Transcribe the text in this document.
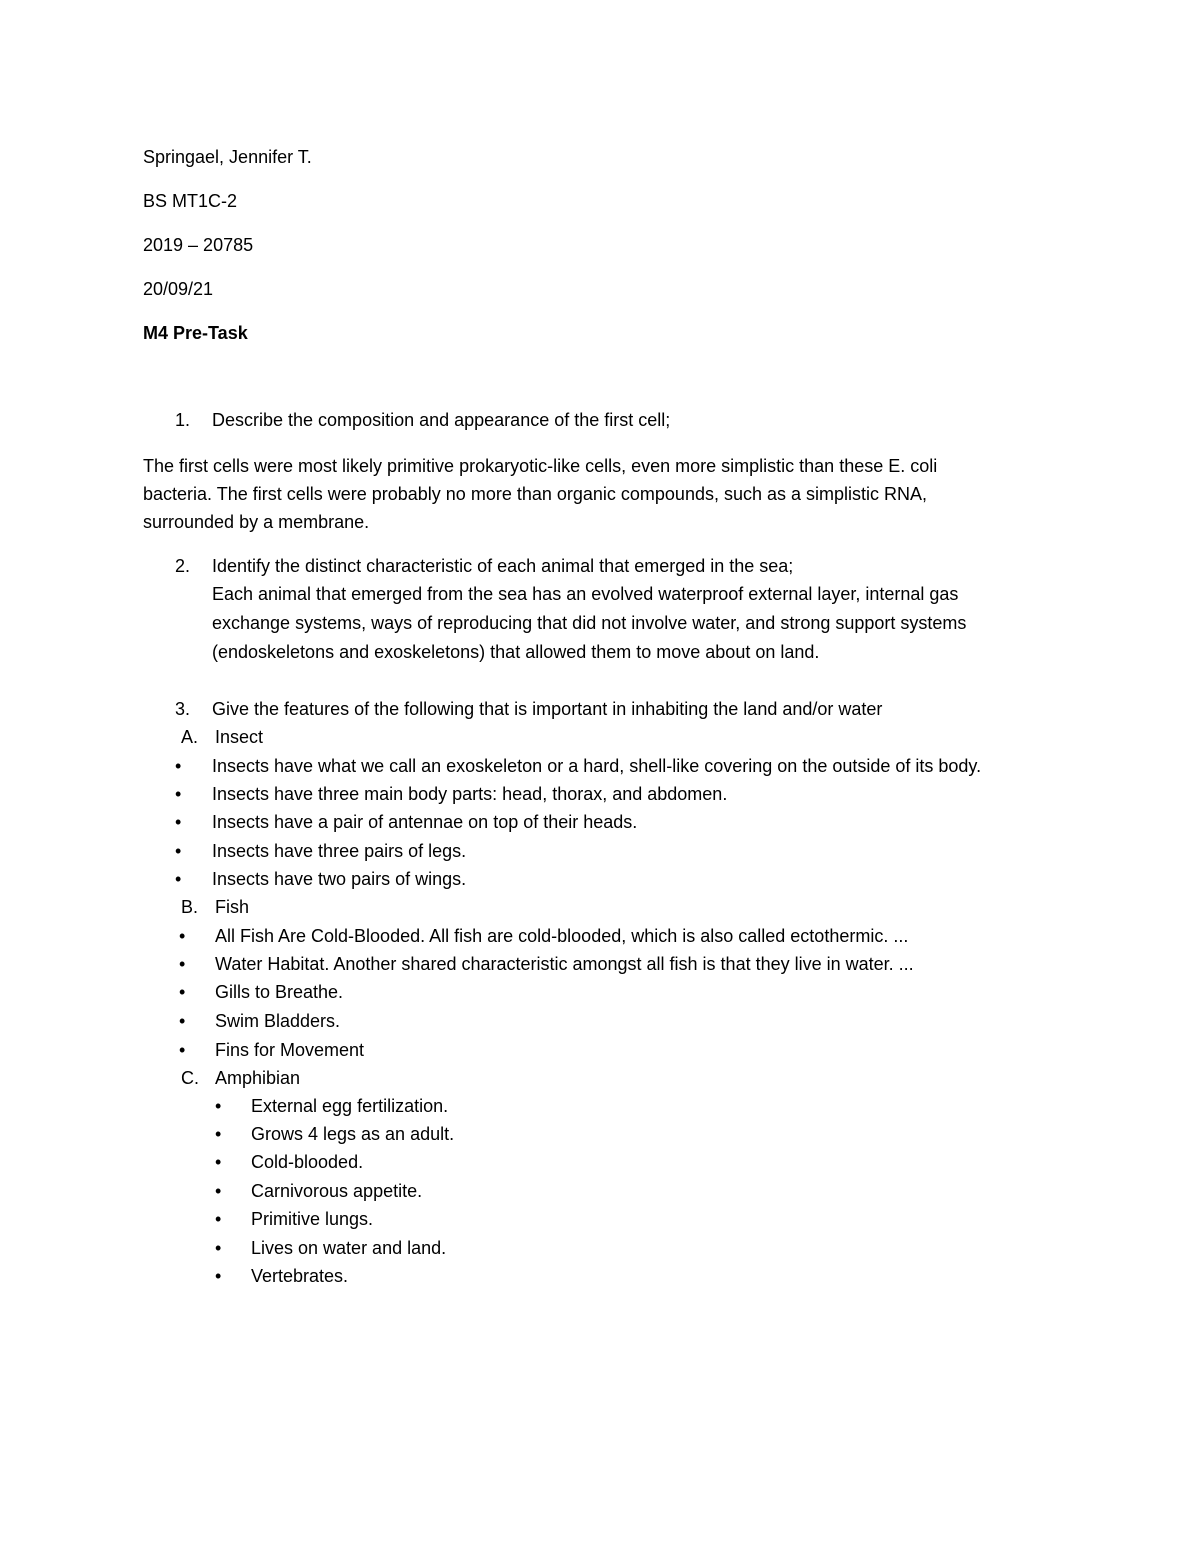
Springael, Jennifer T.
BS MT1C-2
2019 – 20785
20/09/21
M4 Pre-Task
1. Describe the composition and appearance of the first cell;
The first cells were most likely primitive prokaryotic-like cells, even more simplistic than these E. coli
bacteria. The first cells were probably no more than organic compounds, such as a simplistic RNA,
surrounded by a membrane.
2. Identify the distinct characteristic of each animal that emerged in the sea;
Each animal that emerged from the sea has an evolved waterproof external layer, internal gas
exchange systems, ways of reproducing that did not involve water, and strong support systems
(endoskeletons and exoskeletons) that allowed them to move about on land.
3. Give the features of the following that is important in inhabiting the land and/or water
A. Insect
• Insects have what we call an exoskeleton or a hard, shell-like covering on the outside of its body.
• Insects have three main body parts: head, thorax, and abdomen.
• Insects have a pair of antennae on top of their heads.
• Insects have three pairs of legs.
• Insects have two pairs of wings.
B. Fish
• All Fish Are Cold-Blooded. All fish are cold-blooded, which is also called ectothermic. ...
• Water Habitat. Another shared characteristic amongst all fish is that they live in water. ...
• Gills to Breathe.
• Swim Bladders.
• Fins for Movement
C. Amphibian
• External egg fertilization.
• Grows 4 legs as an adult.
• Cold-blooded.
• Carnivorous appetite.
• Primitive lungs.
• Lives on water and land.
• Vertebrates.
